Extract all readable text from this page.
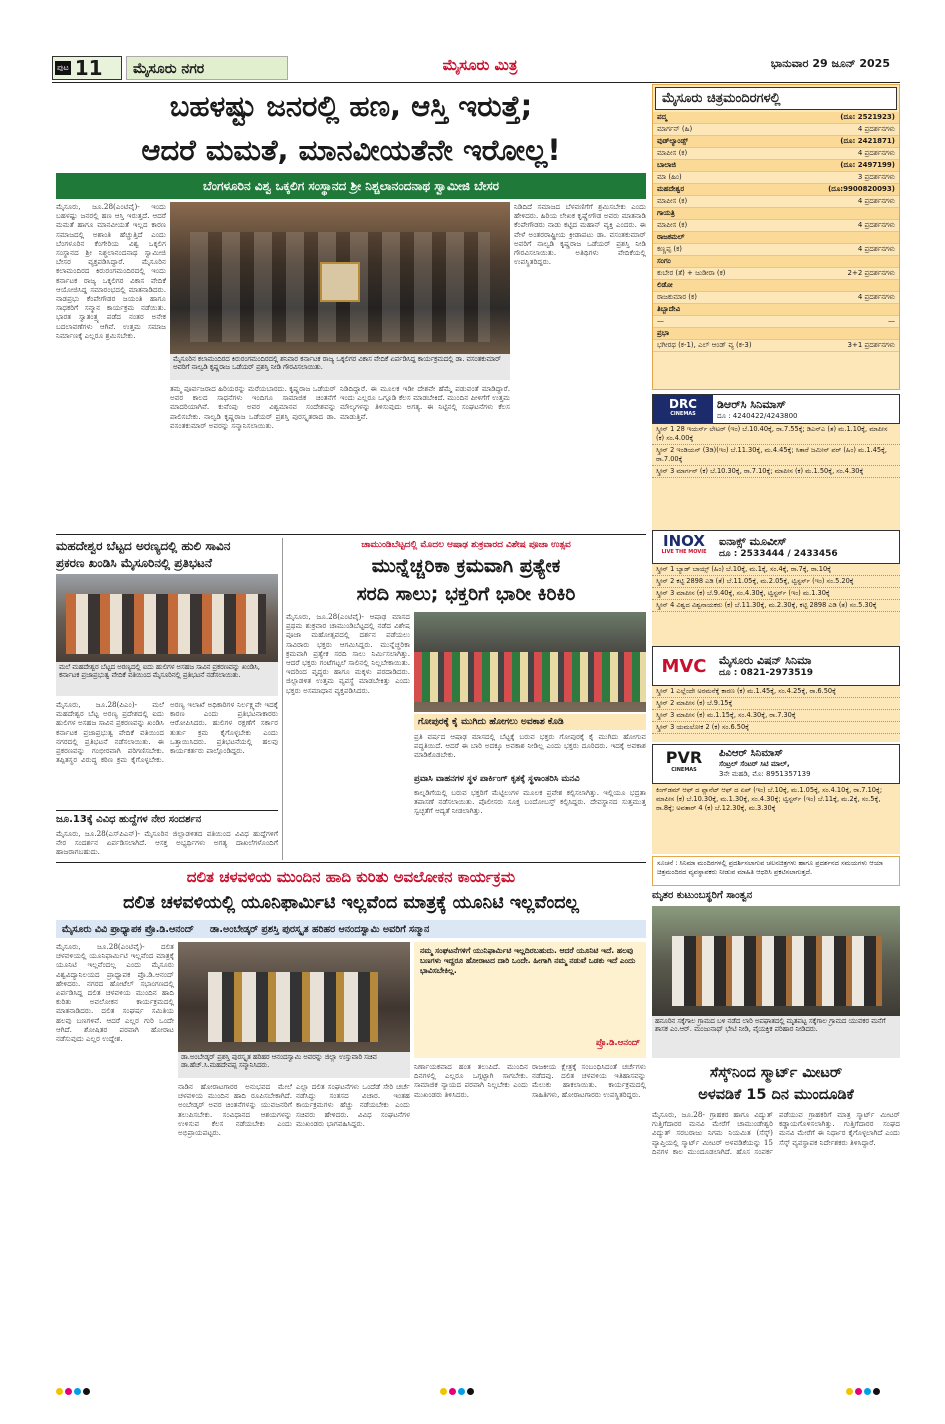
ಪುಟ 11	ಮೈಸೂರು ನಗರ	ಮೈಸೂರು ಮಿತ್ರ	ಭಾನುವಾರ 29 ಜೂನ್ 2025
ಬಹಳಷ್ಟು ಜನರಲ್ಲಿ ಹಣ, ಆಸ್ತಿ ಇರುತ್ತೆ;
ಆದರೆ ಮಮತೆ, ಮಾನವೀಯತೆನೇ ಇರೋಲ್ಲ!
ಬೆಂಗಳೂರಿನ ವಿಶ್ವ ಒಕ್ಕಲಿಗ ಸಂಸ್ಥಾನದ ಶ್ರೀ ನಿಶ್ಚಲಾನಂದನಾಥ ಸ್ವಾಮೀಜಿ ಬೇಸರ
ಮೈಸೂರು, ಜೂ.28(ಎಂಟಿವೈ)- ಇಂದು ಬಹಳಷ್ಟು ಜನರಲ್ಲಿ ಹಣ ಆಸ್ತಿ ಇರುತ್ತದೆ. ಆದರೆ ಮಮತೆ ಹಾಗೂ ಮಾನವೀಯತೆ ಇಲ್ಲದ ಕಾರಣ ಸಮಾಜದಲ್ಲಿ ಅಶಾಂತಿ ಹೆಚ್ಚುತ್ತಿದೆ ಎಂದು ಬೆಂಗಳೂರಿನ ಕೆಂಗೇರಿಯ ವಿಶ್ವ ಒಕ್ಕಲಿಗ ಸಂಸ್ಥಾನದ ಶ್ರೀ ನಿಶ್ಚಲಾನಂದನಾಥ ಸ್ವಾಮೀಜಿ ಬೇಸರ ವ್ಯಕ್ತಪಡಿಸಿದ್ದಾರೆ. ಮೈಸೂರಿನ ಕಲಾಮಂದಿರದ ಕಿರುರಂಗಮಂದಿರದಲ್ಲಿ ಇಂದು ಕರ್ನಾಟಕ ರಾಜ್ಯ ಒಕ್ಕಲಿಗರ ವಿಕಾಸ ವೇದಿಕೆ ಆಯೋಜಿಸಿದ್ದ ಸಮಾರಂಭದಲ್ಲಿ ಮಾತನಾಡಿದರು. ನಾಡಪ್ರಭು ಕೆಂಪೇಗೌಡರ ಜಯಂತಿ ಹಾಗೂ ಸಾಧಕರಿಗೆ ಸನ್ಮಾನ ಕಾರ್ಯಕ್ರಮ ನಡೆಯಿತು. ಭಾರತ ಸ್ವಾತಂತ್ರ್ಯ ಪಡೆದ ನಂತರ ಅನೇಕ ಬದಲಾವಣೆಗಳು ಆಗಿವೆ. ಉತ್ತಮ ಸಮಾಜ ನಿರ್ಮಾಣಕ್ಕೆ ಎಲ್ಲರೂ ಶ್ರಮಿಸಬೇಕು.
ಮೈಸೂರಿನ ಕಲಾಮಂದಿರದ ಕಿರುರಂಗಮಂದಿರದಲ್ಲಿ ಶನಿವಾರ ಕರ್ನಾಟಕ ರಾಜ್ಯ ಒಕ್ಕಲಿಗರ ವಿಕಾಸ ವೇದಿಕೆ ಏರ್ಪಡಿಸಿದ್ದ ಕಾರ್ಯಕ್ರಮದಲ್ಲಿ ಡಾ. ವಸಂತಕುಮಾರ್ ಅವರಿಗೆ ನಾಲ್ವಡಿ ಕೃಷ್ಣರಾಜ ಒಡೆಯರ್ ಪ್ರಶಸ್ತಿ ನೀಡಿ ಗೌರವಿಸಲಾಯಿತು.
ತಮ್ಮ ಪೂರ್ವಜರಾದ ಹಿರಿಯರನ್ನು ಮರೆಯಬಾರದು. ಕೃಷ್ಣರಾಜ ಒಡೆಯರ್ ಅವರ ಕಾಲದ ಸಾಧನೆಗಳು ಇಂದಿಗೂ ಸಾಮಾಜಿಕ ಚಿಂತನೆಗೆ ಮಾದರಿಯಾಗಿವೆ. ಕುವೆಂಪು ಅವರ ವಿಶ್ವಮಾನವ ಸಂದೇಶವನ್ನು ಪಾಲಿಸಬೇಕು. ನಾಲ್ವಡಿ ಕೃಷ್ಣರಾಜ ಒಡೆಯರ್ ಪ್ರಶಸ್ತಿ ಪುರಸ್ಕೃತರಾದ ಡಾ. ವಸಂತಕುಮಾರ್ ಅವರನ್ನು ಸನ್ಮಾನಿಸಲಾಯಿತು.
ನಿಡಿದಿದ್ದಾರೆ. ಈ ಮೂಲಕ ಇಡೀ ದೇಶವೇ ಹೆಮ್ಮೆ ಪಡುವಂತೆ ಮಾಡಿದ್ದಾರೆ. ಇಂದು ಎಲ್ಲರೂ ಒಗ್ಗೂಡಿ ಕೆಲಸ ಮಾಡಬೇಕಿದೆ. ಮುಂದಿನ ಪೀಳಿಗೆಗೆ ಉತ್ತಮ ಮೌಲ್ಯಗಳನ್ನು ತಿಳಿಸುವುದು ಅಗತ್ಯ. ಈ ನಿಟ್ಟಿನಲ್ಲಿ ಸಂಘಟನೆಗಳು ಕೆಲಸ ಮಾಡುತ್ತಿವೆ.
ನಿಡಿದಿದೆ ಸಮಾಜದ ಬೆಳವಣಿಗೆಗೆ ಶ್ರಮಿಸಬೇಕು ಎಂದು ಹೇಳಿದರು. ಹಿರಿಯ ಲೇಖಕ ಕೃಷ್ಣೇಗೌಡ ಅವರು ಮಾತನಾಡಿ ಕೆಂಪೇಗೌಡರು ನಾಡು ಕಟ್ಟಿದ ಮಹಾನ್ ವ್ಯಕ್ತಿ ಎಂದರು. ಈ ವೇಳೆ ಅಂತರರಾಷ್ಟ್ರೀಯ ಕ್ರೀಡಾಪಟು ಡಾ. ವಸಂತಕುಮಾರ್ ಅವರಿಗೆ ನಾಲ್ವಡಿ ಕೃಷ್ಣರಾಜ ಒಡೆಯರ್ ಪ್ರಶಸ್ತಿ ನೀಡಿ ಗೌರವಿಸಲಾಯಿತು. ಅತಿಥಿಗಳು ವೇದಿಕೆಯಲ್ಲಿ ಉಪಸ್ಥಿತರಿದ್ದರು.
ಮಹದೇಶ್ವರ ಬೆಟ್ಟದ ಅರಣ್ಯದಲ್ಲಿ ಹುಲಿ ಸಾವಿನ
ಪ್ರಕರಣ ಖಂಡಿಸಿ ಮೈಸೂರಿನಲ್ಲಿ ಪ್ರತಿಭಟನೆ
ಮಲೆ ಮಹದೇಶ್ವರ ಬೆಟ್ಟದ ಅರಣ್ಯದಲ್ಲಿ ಐದು ಹುಲಿಗಳ ಅಸಹಜ ಸಾವಿನ ಪ್ರಕರಣವನ್ನು ಖಂಡಿಸಿ, ಕರ್ನಾಟಕ ಪ್ರಜಾಪ್ರಭುತ್ವ ವೇದಿಕೆ ವತಿಯಿಂದ ಮೈಸೂರಿನಲ್ಲಿ ಪ್ರತಿಭಟನೆ ನಡೆಸಲಾಯಿತು.
ಮೈಸೂರು, ಜೂ.28(ಪಿಎಂ)- ಮಲೆ ಮಹದೇಶ್ವರ ಬೆಟ್ಟ ಅರಣ್ಯ ಪ್ರದೇಶದಲ್ಲಿ ಐದು ಹುಲಿಗಳ ಅಸಹಜ ಸಾವಿನ ಪ್ರಕರಣವನ್ನು ಖಂಡಿಸಿ ಕರ್ನಾಟಕ ಪ್ರಜಾಪ್ರಭುತ್ವ ವೇದಿಕೆ ವತಿಯಿಂದ ನಗರದಲ್ಲಿ ಪ್ರತಿಭಟನೆ ನಡೆಸಲಾಯಿತು. ಈ ಪ್ರಕರಣವನ್ನು ಗಂಭೀರವಾಗಿ ಪರಿಗಣಿಸಬೇಕು. ತಪ್ಪಿತಸ್ಥರ ವಿರುದ್ಧ ಕಠಿಣ ಕ್ರಮ ಕೈಗೊಳ್ಳಬೇಕು. ಅರಣ್ಯ ಇಲಾಖೆ ಅಧಿಕಾರಿಗಳ ನಿರ್ಲಕ್ಷ್ಯವೇ ಇದಕ್ಕೆ ಕಾರಣ ಎಂದು ಪ್ರತಿಭಟನಾಕಾರರು ಆರೋಪಿಸಿದರು. ಹುಲಿಗಳ ರಕ್ಷಣೆಗೆ ಸರ್ಕಾರ ತುರ್ತು ಕ್ರಮ ಕೈಗೊಳ್ಳಬೇಕು ಎಂದು ಒತ್ತಾಯಿಸಿದರು. ಪ್ರತಿಭಟನೆಯಲ್ಲಿ ಹಲವು ಕಾರ್ಯಕರ್ತರು ಪಾಲ್ಗೊಂಡಿದ್ದರು.
ಜೂ.13ಕ್ಕೆ ವಿವಿಧ ಹುದ್ದೆಗಳ ನೇರ ಸಂದರ್ಶನ
ಮೈಸೂರು, ಜೂ.28(ಎಸ್‌ಪಿಎನ್)- ಮೈಸೂರಿನ ಜಿಲ್ಲಾಡಳಿತದ ವತಿಯಿಂದ ವಿವಿಧ ಹುದ್ದೆಗಳಿಗೆ ನೇರ ಸಂದರ್ಶನ ಏರ್ಪಡಿಸಲಾಗಿದೆ. ಆಸಕ್ತ ಅಭ್ಯರ್ಥಿಗಳು ಅಗತ್ಯ ದಾಖಲೆಗಳೊಂದಿಗೆ ಹಾಜರಾಗಬಹುದು.
ಚಾಮುಂಡಿಬೆಟ್ಟದಲ್ಲಿ ಮೊದಲ ಆಷಾಢ ಶುಕ್ರವಾರದ ವಿಶೇಷ ಪೂಜಾ ಉತ್ಸವ
ಮುನ್ನೆಚ್ಚರಿಕಾ ಕ್ರಮವಾಗಿ ಪ್ರತ್ಯೇಕ
ಸರದಿ ಸಾಲು; ಭಕ್ತರಿಗೆ ಭಾರೀ ಕಿರಿಕಿರಿ
ಮೈಸೂರು, ಜೂ.28(ಎಂಟಿವೈ)- ಆಷಾಢ ಮಾಸದ ಪ್ರಥಮ ಶುಕ್ರವಾರ ಚಾಮುಂಡಿಬೆಟ್ಟದಲ್ಲಿ ನಡೆದ ವಿಶೇಷ ಪೂಜಾ ಮಹೋತ್ಸವದಲ್ಲಿ ದರ್ಶನ ಪಡೆಯಲು ಸಾವಿರಾರು ಭಕ್ತರು ಆಗಮಿಸಿದ್ದರು. ಮುನ್ನೆಚ್ಚರಿಕಾ ಕ್ರಮವಾಗಿ ಪ್ರತ್ಯೇಕ ಸರದಿ ಸಾಲು ನಿರ್ಮಿಸಲಾಗಿತ್ತು. ಆದರೆ ಭಕ್ತರು ಗಂಟೆಗಟ್ಟಲೆ ಸಾಲಿನಲ್ಲಿ ನಿಲ್ಲಬೇಕಾಯಿತು. ಇದರಿಂದ ವೃದ್ಧರು ಹಾಗೂ ಮಕ್ಕಳು ಪರದಾಡಿದರು. ಜಿಲ್ಲಾಡಳಿತ ಉತ್ತಮ ವ್ಯವಸ್ಥೆ ಮಾಡಬೇಕಿತ್ತು ಎಂದು ಭಕ್ತರು ಅಸಮಾಧಾನ ವ್ಯಕ್ತಪಡಿಸಿದರು.
ಗೋಪುರಕ್ಕೆ ಕೈ ಮುಗಿದು ಹೋಗಲು ಅವಕಾಶ ಕೊಡಿ
ಪ್ರತಿ ವರ್ಷದ ಆಷಾಢ ಮಾಸದಲ್ಲಿ ಬೆಟ್ಟಕ್ಕೆ ಬರುವ ಭಕ್ತರು ಗೋಪುರಕ್ಕೆ ಕೈ ಮುಗಿದು ಹೋಗುವ ಪದ್ಧತಿಯಿದೆ. ಆದರೆ ಈ ಬಾರಿ ಅದಕ್ಕೂ ಅವಕಾಶ ನೀಡಿಲ್ಲ ಎಂದು ಭಕ್ತರು ದೂರಿದರು. ಇದಕ್ಕೆ ಅವಕಾಶ ಮಾಡಿಕೊಡಬೇಕು.
ಪ್ರವಾಸಿ ವಾಹನಗಳ ಸ್ಥಳ ಪಾರ್ಕಿಂಗ್ ಕೃತಕ್ಕೆ ಸ್ಥಳಾಂತರಿಸಿ ಮನವಿ
ಕಾಲ್ನಡಿಗೆಯಲ್ಲಿ ಬರುವ ಭಕ್ತರಿಗೆ ಮೆಟ್ಟಿಲುಗಳ ಮೂಲಕ ಪ್ರವೇಶ ಕಲ್ಪಿಸಲಾಗಿತ್ತು. ಇಲ್ಲಿಯೂ ಭದ್ರತಾ ತಪಾಸಣೆ ನಡೆಸಲಾಯಿತು. ಪೊಲೀಸರು ಸೂಕ್ತ ಬಂದೋಬಸ್ತ್ ಕಲ್ಪಿಸಿದ್ದರು. ದೇವಸ್ಥಾನದ ಸುತ್ತಮುತ್ತ ಸ್ವಚ್ಛತೆಗೆ ಆದ್ಯತೆ ನೀಡಲಾಗಿತ್ತು.
ದಲಿತ ಚಳವಳಿಯ ಮುಂದಿನ ಹಾದಿ ಕುರಿತು ಅವಲೋಕನ ಕಾರ್ಯಕ್ರಮ
ದಲಿತ ಚಳವಳಿಯಲ್ಲಿ ಯೂನಿಫಾರ್ಮಿಟಿ ಇಲ್ಲವೆಂದ ಮಾತ್ರಕ್ಕೆ ಯೂನಿಟಿ ಇಲ್ಲವೆಂದಲ್ಲ
ಮೈಸೂರು ವಿವಿ ಪ್ರಾಧ್ಯಾಪಕ ಪ್ರೊ.ಡಿ.ಆನಂದ್ ಡಾ.ಅಂಬೇಡ್ಕರ್ ಪ್ರಶಸ್ತಿ ಪುರಸ್ಕೃತ ಹರಿಹರ ಆನಂದಸ್ವಾಮಿ ಅವರಿಗೆ ಸನ್ಮಾನ
ಮೈಸೂರು, ಜೂ.28(ಎಂಟಿವೈ)- ದಲಿತ ಚಳವಳಿಯಲ್ಲಿ ಯೂನಿಫಾರ್ಮಿಟಿ ಇಲ್ಲವೆಂದ ಮಾತ್ರಕ್ಕೆ ಯೂನಿಟಿ ಇಲ್ಲವೆಂದಲ್ಲ ಎಂದು ಮೈಸೂರು ವಿಶ್ವವಿದ್ಯಾನಿಲಯದ ಪ್ರಾಧ್ಯಾಪಕ ಪ್ರೊ.ಡಿ.ಆನಂದ್ ಹೇಳಿದರು. ನಗರದ ಹೋಟೆಲ್ ಸಭಾಂಗಣದಲ್ಲಿ ಏರ್ಪಡಿಸಿದ್ದ ದಲಿತ ಚಳವಳಿಯ ಮುಂದಿನ ಹಾದಿ ಕುರಿತು ಅವಲೋಕನ ಕಾರ್ಯಕ್ರಮದಲ್ಲಿ ಮಾತನಾಡಿದರು. ದಲಿತ ಸಂಘರ್ಷ ಸಮಿತಿಯ ಹಲವು ಬಣಗಳಿವೆ. ಆದರೆ ಎಲ್ಲರ ಗುರಿ ಒಂದೇ ಆಗಿದೆ. ಶೋಷಿತರ ಪರವಾಗಿ ಹೋರಾಟ ನಡೆಸುವುದು ಎಲ್ಲರ ಉದ್ದೇಶ.
ಡಾ.ಅಂಬೇಡ್ಕರ್ ಪ್ರಶಸ್ತಿ ಪುರಸ್ಕೃತ ಹರಿಹರ ಆನಂದಸ್ವಾಮಿ ಅವರನ್ನು ಜಿಲ್ಲಾ ಉಸ್ತುವಾರಿ ಸಚಿವ ಡಾ.ಹೆಚ್.ಸಿ.ಮಹದೇವಪ್ಪ ಸನ್ಮಾನಿಸಿದರು.
ನಮ್ಮ ಸಂಘಟನೆಗಳಿಗೆ ಯುನಿಫಾರ್ಮಿಟಿ ಇಲ್ಲದಿರಬಹುದು. ಆದರೆ ಯೂನಿಟಿ ಇದೆ. ಹಲವು ಬಣಗಳು ಇದ್ದರೂ ಹೋರಾಟದ ದಾರಿ ಒಂದೇ. ಹೀಗಾಗಿ ನಮ್ಮ ನಡುವೆ ಒಡಕು ಇದೆ ಎಂದು ಭಾವಿಸಬೇಕಿಲ್ಲ.
ಪ್ರೊ.ಡಿ.ಆನಂದ್
ನಾಡಿನ ಹೋರಾಟಗಾರರ ಅನುಭವದ ಮೇಲೆ ಚಳವಳಿಯ ಮುಂದಿನ ಹಾದಿ ರೂಪಿಸಬೇಕಾಗಿದೆ. ಅಂಬೇಡ್ಕರ್ ಅವರ ಚಿಂತನೆಗಳನ್ನು ಯುವಜನರಿಗೆ ತಲುಪಿಸಬೇಕು. ಸಂವಿಧಾನದ ಆಶಯಗಳನ್ನು ಉಳಿಸುವ ಕೆಲಸ ನಡೆಯಬೇಕು ಎಂದು ಅಭಿಪ್ರಾಯಪಟ್ಟರು.
ಎಲ್ಲಾ ದಲಿತ ಸಂಘಟನೆಗಳು ಒಂದೆಡೆ ಸೇರಿ ಚರ್ಚೆ ನಡೆಸಿದ್ದು ಸಂತಸದ ವಿಚಾರ. ಇಂತಹ ಕಾರ್ಯಕ್ರಮಗಳು ಹೆಚ್ಚು ನಡೆಯಬೇಕು ಎಂದು ಸಚಿವರು ಹೇಳಿದರು. ವಿವಿಧ ಸಂಘಟನೆಗಳ ಮುಖಂಡರು ಭಾಗವಹಿಸಿದ್ದರು.
ನಿರ್ಣಾಯಕವಾದ ಹಂತ ತಲುಪಿದೆ. ಮುಂದಿನ ದಿನಗಳಲ್ಲಿ ಎಲ್ಲರೂ ಒಗ್ಗಟ್ಟಾಗಿ ಸಾಗಬೇಕು. ಸಾಮಾಜಿಕ ನ್ಯಾಯದ ಪರವಾಗಿ ನಿಲ್ಲಬೇಕು ಎಂದು ಮುಖಂಡರು ತಿಳಿಸಿದರು.
ರಾಜಕೀಯ ಕ್ಷೇತ್ರಕ್ಕೆ ಸಂಬಂಧಿಸಿದಂತೆ ಚರ್ಚೆಗಳು ನಡೆದವು. ದಲಿತ ಚಳವಳಿಯ ಇತಿಹಾಸವನ್ನು ಮೆಲುಕು ಹಾಕಲಾಯಿತು. ಕಾರ್ಯಕ್ರಮದಲ್ಲಿ ಸಾಹಿತಿಗಳು, ಹೋರಾಟಗಾರರು ಉಪಸ್ಥಿತರಿದ್ದರು.
ಮೈಸೂರು ಚಿತ್ರಮಂದಿರಗಳಲ್ಲಿ
ಪದ್ಮ	(ದೂ: 2521923)
ಮಾರ್ಗನ್ (ಹಿ)	4 ಪ್ರದರ್ಶನಗಳು
ವುಡ್‌ಲ್ಯಾಂಡ್ಸ್	(ದೂ: 2421871)
ಮಾಪೀಸ (ಕ)	4 ಪ್ರದರ್ಶನಗಳು
ಬಾಲಾಜಿ	(ದೂ: 2497199)
ಮಾ (ಹಿಂ)	3 ಪ್ರದರ್ಶನಗಳು
ಮಹದೇಶ್ವರ	(ದೂ:9900820093)
ಮಾಪೀಸ (ಕ)	4 ಪ್ರದರ್ಶನಗಳು
ಗಾಯತ್ರಿ
ಮಾಪೀಸ (ಕ)	4 ಪ್ರದರ್ಶನಗಳು
ರಾಜಕಮಲ್
ಕಣ್ಣಪ್ಪ (ಕ)	4 ಪ್ರದರ್ಶನಗಳು
ಸಂಗಂ
ಕುಬೇರ (ತೆ) + ಜುಡೀರಾ (ಕ)	2+2 ಪ್ರದರ್ಶನಗಳು
ಲಿಡೋ
ರಾಜಕುಮಾರ (ಕ)	4 ಪ್ರದರ್ಶನಗಳು
ತಿಬ್ಬಾದೇವಿ
—	—
ಪ್ರಭಾ
ಭಗೀರಥ (ಕ-1), ಎಲ್ ಆಂಡ್ ವ್ಯ (ಕ-3)	3+1 ಪ್ರದರ್ಶನಗಳು
DRC
CINEMAS
ಡಿಆರ್‌ಸಿ ಸಿನಿಮಾಸ್
ದೂ : 4240422/4243800
ಸ್ಕ್ರೀನ್ 1 28 ಇಯರ್ಸ್ ಲೇಟರ್ (ಇಂ) ಬೆ.10.40ಕ್ಕೆ, ರಾ.7.55ಕ್ಕೆ; ಡಿಎನ್‌ಎ (ತ) ಮ.1.10ಕ್ಕೆ, ಮಾಪೀಸ (ಕ) ಸಂ.4.00ಕ್ಕೆ
ಸ್ಕ್ರೀನ್ 2 ಇಂಡಿಯನ್ (3ಡಿ)(ಇಂ) ಬೆ.11.30ಕ್ಕೆ, ಮ.4.45ಕ್ಕೆ; ಸಿತಾರೆ ಜಮೀನ್ ಪರ್ (ಹಿಂ) ಮ.1.45ಕ್ಕೆ, ರಾ.7.00ಕ್ಕೆ
ಸ್ಕ್ರೀನ್ 3 ಮಾರ್ಗನ್ (ಕ) ಬೆ.10.30ಕ್ಕೆ, ರಾ.7.10ಕ್ಕೆ; ಮಾಪೀಸ (ಕ) ಮ.1.50ಕ್ಕೆ, ಸಂ.4.30ಕ್ಕೆ
INOX
LIVE THE MOVIE
ಐನಾಕ್ಸ್ ಮೂವೀಸ್
ದೂ : 2533444 / 2433456
ಸ್ಕ್ರೀನ್ 1 ಬ್ಯಾಡ್ ಬಾಯ್ಸ್ (ಹಿಂ) ಬೆ.10ಕ್ಕೆ, ಮ.1ಕ್ಕೆ, ಸಂ.4ಕ್ಕೆ, ರಾ.7ಕ್ಕೆ, ರಾ.10ಕ್ಕೆ
ಸ್ಕ್ರೀನ್ 2 ಕಟ್ಟಿ 2898 ಎಡಿ (ತೆ) ಬೆ.11.05ಕ್ಕೆ, ಮ.2.05ಕ್ಕೆ, ಟ್ವಿಸ್ಟರ್ಸ್ (ಇಂ) ಸಂ.5.20ಕ್ಕೆ
ಸ್ಕ್ರೀನ್ 3 ಮಾಪೀಸ (ಕ) ಬೆ.9.40ಕ್ಕೆ, ಸಂ.4.30ಕ್ಕೆ, ಟ್ವಿಸ್ಟರ್ಸ್ (ಇಂ) ಮ.1.30ಕ್ಕೆ
ಸ್ಕ್ರೀನ್ 4 ವಿಶ್ವದ ವಿಶ್ವನಾಯಕರು (ಕ) ಬೆ.11.30ಕ್ಕೆ, ಮ.2.30ಕ್ಕೆ, ಕಟ್ಟಿ 2898 ಎಡಿ (ತ) ಸಂ.5.30ಕ್ಕೆ
MVC	ಮೈಸೂರು ವಿಷನ್ ಸಿನಿಮಾ
ದೂ : 0821-2973519
ಸ್ಕ್ರೀನ್ 1 ಎಲ್ಲೆಂದೇ ಅರಮನೆಕ್ಕೆ ಕಾರಣ (ಕ) ಮ.1.45ಕ್ಕೆ, ಸಂ.4.25ಕ್ಕೆ, ರಾ.6.50ಕ್ಕೆ
ಸ್ಕ್ರೀನ್ 2 ಮಾಪೀಸ (ಕ) ಬೆ.9.15ಕ್ಕೆ
ಸ್ಕ್ರೀನ್ 3 ಮಾಪೀಸ (ಕ) ಮ.1.15ಕ್ಕೆ, ಸಂ.4.30ಕ್ಕೆ, ರಾ.7.30ಕ್ಕೆ
ಸ್ಕ್ರೀನ್ 3 ಯಮಲೋಕ 2 (ಕ) ಸಂ.6.50ಕ್ಕೆ
PVR
CINEMAS
ಪಿವಿಆರ್ ಸಿನಿಮಾಸ್
ಸೆಂಟ್ರಲ್ ಸೆಂಟರ್ ಸಿಟಿ ಮಾಲ್,
3ನೇ ಮಹಡಿ, ಮೊ: 8951357139
ಕಿಂಗ್‌ಡಮ್ ಆಫ್ ದ ಪ್ಲಾನೆಟ್ ಆಫ್ ದ ಏಪ್ (ಇಂ) ಬೆ.10ಕ್ಕೆ, ಮ.1.05ಕ್ಕೆ, ಸಂ.4.10ಕ್ಕೆ, ರಾ.7.10ಕ್ಕೆ; ಮಾಪೀಸ (ಕ) ಬೆ.10.30ಕ್ಕೆ, ಮ.1.30ಕ್ಕೆ, ಸಂ.4.30ಕ್ಕೆ; ಟ್ವಿಸ್ಟರ್ಸ್ (ಇಂ) ಬೆ.11ಕ್ಕೆ, ಮ.2ಕ್ಕೆ, ಸಂ.5ಕ್ಕೆ, ರಾ.8ಕ್ಕೆ; ಅವತಾರ್ 4 (ಕ) ಬೆ.12.30ಕ್ಕೆ, ಮ.3.30ಕ್ಕೆ
ಸೂಚನೆ : ಸಿನಿಮಾ ಮಂದಿರಗಳಲ್ಲಿ ಪ್ರದರ್ಶಿಸಲಾಗುವ ಚಲನಚಿತ್ರಗಳು ಹಾಗೂ ಪ್ರದರ್ಶನದ ಸಮಯಗಳು ಆಯಾ ಚಿತ್ರಮಂದಿರದ ವ್ಯವಸ್ಥಾಪಕರು ನೀಡುವ ಮಾಹಿತಿ ಆಧರಿಸಿ ಪ್ರಕಟಿಸಲಾಗುತ್ತದೆ.
ಮೃತರ ಕುಟುಂಬಸ್ಥರಿಗೆ ಸಾಂತ್ವನ
ಹನೂರಿನ ಸಕ್ಕೆಗಾಲ ಗ್ರಾಮದ ಬಳಿ ನಡೆದ ಲಾರಿ ಅಪಘಾತದಲ್ಲಿ ಮೃತಪಟ್ಟ ಸಕ್ಕೆಗಾಲ ಗ್ರಾಮದ ಯುವಕರ ಮನೆಗೆ ಶಾಸಕ ಎಂ.ಆರ್. ಮಂಜುನಾಥ್ ಭೇಟಿ ನೀಡಿ, ವೈಯಕ್ತಿಕ ಪರಿಹಾರ ನೀಡಿದರು.
ಸೆಸ್ಕ್‌ನಿಂದ ಸ್ಮಾರ್ಟ್ ಮೀಟರ್
ಅಳವಡಿಕೆ 15 ದಿನ ಮುಂದೂಡಿಕೆ
ಮೈಸೂರು, ಜೂ.28- ಗ್ರಾಹಕರ ಹಾಗೂ ವಿದ್ಯುತ್ ಗುತ್ತಿಗೆದಾರರ ಮನವಿ ಮೇರೆಗೆ ಚಾಮುಂಡೇಶ್ವರಿ ವಿದ್ಯುತ್ ಸರಬರಾಜು ನಿಗಮ ನಿಯಮಿತ (ಸೆಸ್ಕ್) ವ್ಯಾಪ್ತಿಯಲ್ಲಿ ಸ್ಮಾರ್ಟ್ ಮೀಟರ್ ಅಳವಡಿಕೆಯನ್ನು 15 ದಿನಗಳ ಕಾಲ ಮುಂದೂಡಲಾಗಿದೆ. ಹೊಸ ಸಂಪರ್ಕ ಪಡೆಯುವ ಗ್ರಾಹಕರಿಗೆ ಮಾತ್ರ ಸ್ಮಾರ್ಟ್ ಮೀಟರ್ ಕಡ್ಡಾಯಗೊಳಿಸಲಾಗಿತ್ತು. ಗುತ್ತಿಗೆದಾರರ ಸಂಘದ ಮನವಿ ಮೇರೆಗೆ ಈ ನಿರ್ಧಾರ ಕೈಗೊಳ್ಳಲಾಗಿದೆ ಎಂದು ಸೆಸ್ಕ್ ವ್ಯವಸ್ಥಾಪಕ ನಿರ್ದೇಶಕರು ತಿಳಿಸಿದ್ದಾರೆ.
